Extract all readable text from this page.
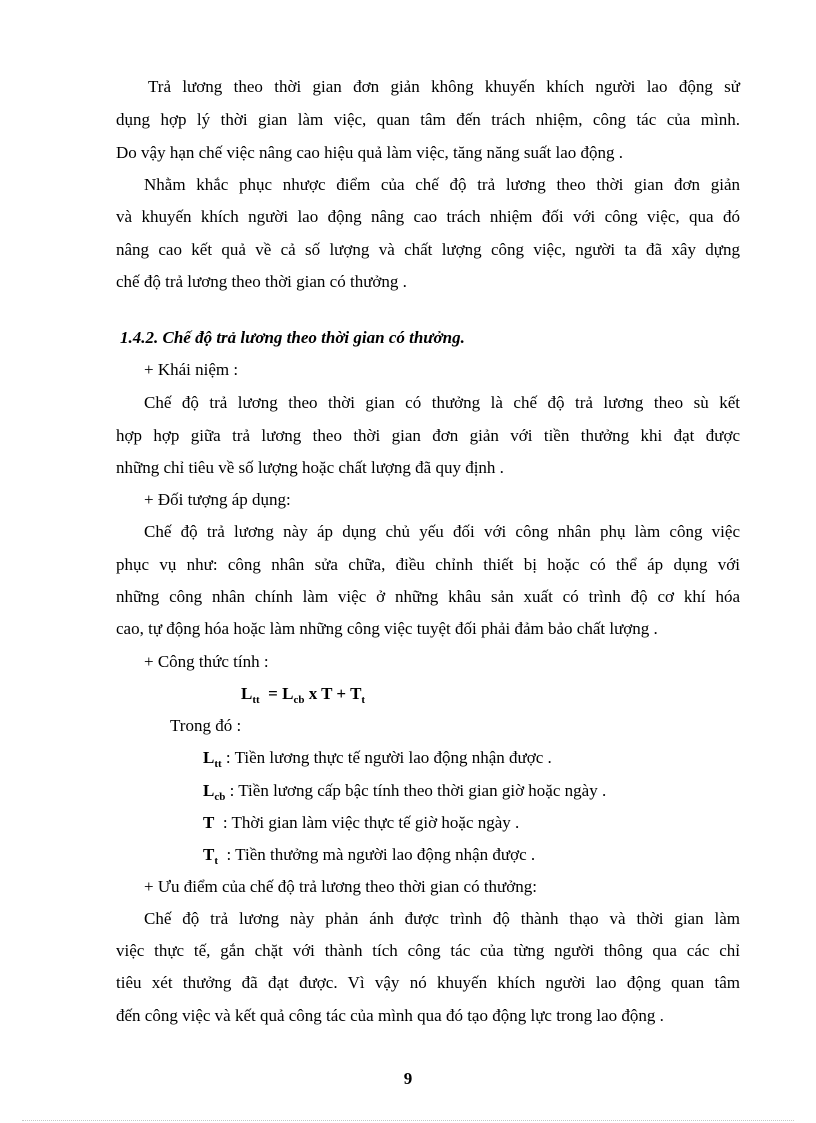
Trả lương theo thời gian đơn giản không khuyến khích người lao động sử
dụng hợp lý thời gian làm việc, quan tâm đến trách nhiệm, công tác của mình.
Do vậy hạn chế việc nâng cao hiệu quả làm việc, tăng năng suất lao động .
Nhằm khắc phục nhược điểm của chế độ trả lương theo thời gian đơn giản
và khuyến khích người lao động nâng cao trách nhiệm đối với công việc, qua đó
nâng cao kết quả về cả số lượng và chất lượng công việc, người ta đã xây dựng
chế độ trả lương theo thời gian có thưởng .
1.4.2. Chế độ trả lương theo thời gian có thưởng.
+ Khái niệm :
Chế độ trả lương theo thời gian có thưởng là chế độ trả lương theo sù kết
hợp hợp giữa trả lương theo thời gian đơn giản với tiền thưởng khi đạt được
những chỉ tiêu về số lượng hoặc chất lượng đã quy định .
+ Đối tượng áp dụng:
Chế độ trả lương này áp dụng chủ yếu đối với công nhân phụ làm công việc
phục vụ như: công nhân sửa chữa, điều chỉnh thiết bị hoặc có thể áp dụng với
những công nhân chính làm việc ở những khâu sản xuất có trình độ cơ khí hóa
cao, tự động hóa hoặc làm những công việc tuyệt đối phải đảm bảo chất lượng .
+ Công thức tính :
$L_{tt} = L_{cb}$ x $T + T_t$
Trong đó :
$L_{tt}$ : Tiền lương thực tế người lao động nhận được .
$L_{cb}$ : Tiền lương cấp bậc tính theo thời gian giờ hoặc ngày .
T : Thời gian làm việc thực tế giờ hoặc ngày .
$T_t$ : Tiền thưởng mà người lao động nhận được .
+ Ưu điểm của chế độ trả lương theo thời gian có thưởng:
Chế độ trả lương này phản ánh được trình độ thành thạo và thời gian làm
việc thực tế, gắn chặt với thành tích công tác của từng người thông qua các chỉ
tiêu xét thưởng đã đạt được. Vì vậy nó khuyến khích người lao động quan tâm
đến công việc và kết quả công tác của mình qua đó tạo động lực trong lao động .
9
